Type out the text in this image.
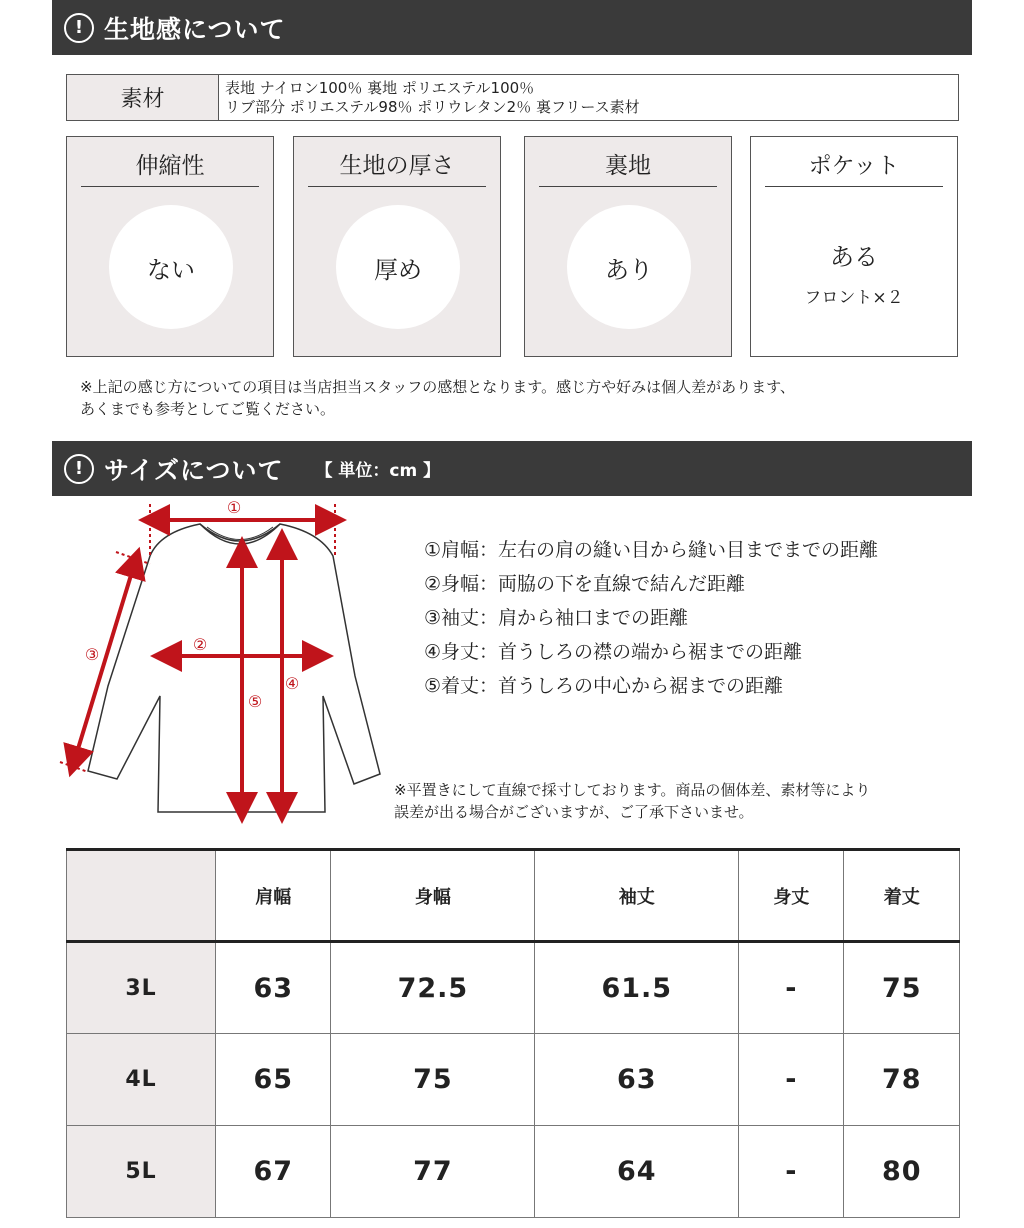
! 生地感について
素材	表地 ナイロン100％ 裏地 ポリエステル100％
リブ部分 ポリエステル98％ ポリウレタン2％ 裏フリース素材
伸縮性
ない
生地の厚さ
厚め
裏地
あり
ポケット
ある
フロント×２
※上記の感じ方についての項目は当店担当スタッフの感想となります。感じ方や好みは個人差があります、
あくまでも参考としてご覧ください。
! サイズについて 【 単位：cm 】
①
②
③
④
⑤
①肩幅：左右の肩の縫い目から縫い目までまでの距離
②身幅：両脇の下を直線で結んだ距離
③袖丈：肩から袖口までの距離
④身丈：首うしろの襟の端から裾までの距離
⑤着丈：首うしろの中心から裾までの距離
※平置きにして直線で採寸しております。商品の個体差、素材等により
誤差が出る場合がございますが、ご了承下さいませ。
	肩幅	身幅	袖丈	身丈	着丈
3L	63	72.5	61.5	-	75
4L	65	75	63	-	78
5L	67	77	64	-	80
